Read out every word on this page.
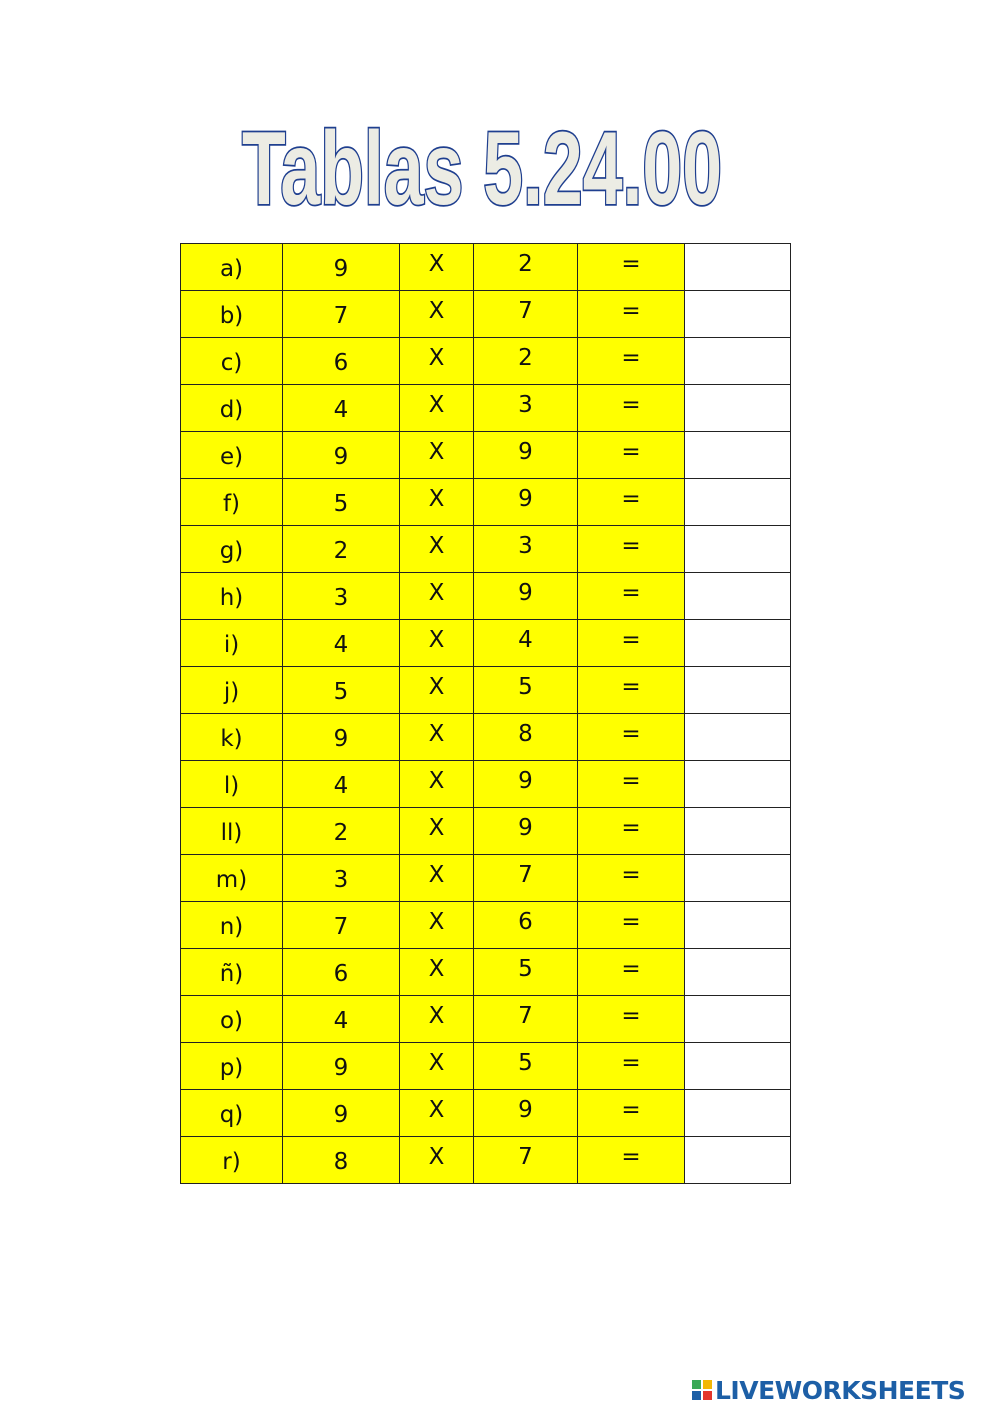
Tablas 5.24.00
a)	9	X	2	=	
b)	7	X	7	=	
c)	6	X	2	=	
d)	4	X	3	=	
e)	9	X	9	=	
f)	5	X	9	=	
g)	2	X	3	=	
h)	3	X	9	=	
i)	4	X	4	=	
j)	5	X	5	=	
k)	9	X	8	=	
l)	4	X	9	=	
ll)	2	X	9	=	
m)	3	X	7	=	
n)	7	X	6	=	
ñ)	6	X	5	=	
o)	4	X	7	=	
p)	9	X	5	=	
q)	9	X	9	=	
r)	8	X	7	=	
LIVEWORKSHEETS
